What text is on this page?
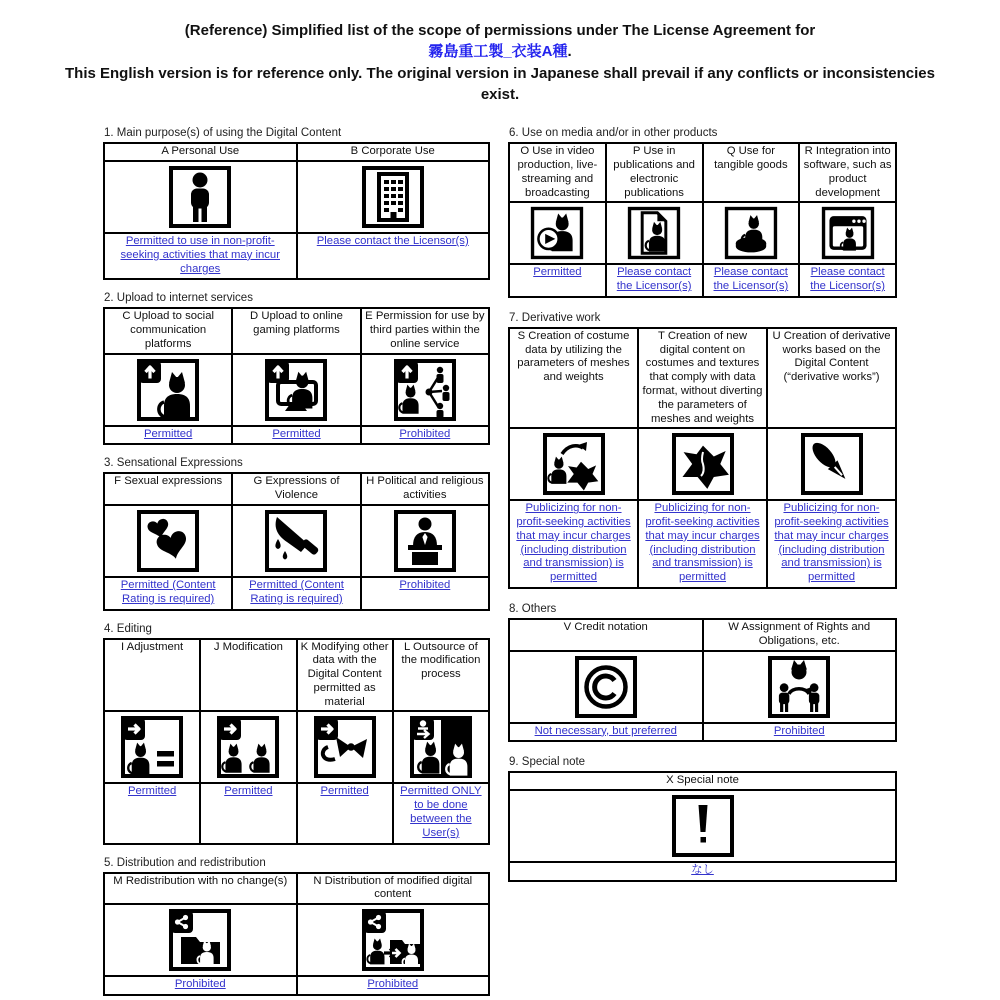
(Reference) Simplified list of the scope of permissions under The License Agreement for
霧島重工製_衣装A種.
This English version is for reference only. The original version in Japanese shall prevail if any conflicts or inconsistencies exist.
1. Main purpose(s) of using the Digital Content
A Personal Use	B Corporate Use

Permitted to use in non-profit-seeking activities that may incur charges	Please contact the Licensor(s)
2. Upload to internet services
C Upload to social communication platforms	D Upload to online gaming platforms	E Permission for use by third parties within the online service

Permitted	Permitted	Prohibited
3. Sensational Expressions
F Sexual expressions	G Expressions of Violence	H Political and religious activities

Permitted (Content Rating is required)	Permitted (Content Rating is required)	Prohibited
4. Editing
I Adjustment	J Modification	K Modifying other data with the Digital Content permitted as material	L Outsource of the modification process

Permitted	Permitted	Permitted	Permitted ONLY to be done between the User(s)
5. Distribution and redistribution
M Redistribution with no change(s)	N Distribution of modified digital content

Prohibited	Prohibited
6. Use on media and/or in other products
O Use in video production, live-streaming and broadcasting	P Use in publications and electronic publications	Q Use for tangible goods	R Integration into software, such as product development

Permitted	Please contact the Licensor(s)	Please contact the Licensor(s)	Please contact the Licensor(s)
7. Derivative work
S Creation of costume data by utilizing the parameters of meshes and weights	T Creation of new digital content on costumes and textures that comply with data format, without diverting the parameters of meshes and weights	U Creation of derivative works based on the Digital Content (“derivative works”)

Publicizing for non-profit-seeking activities that may incur charges (including distribution and transmission) is permitted	Publicizing for non-profit-seeking activities that may incur charges (including distribution and transmission) is permitted	Publicizing for non-profit-seeking activities that may incur charges (including distribution and transmission) is permitted
8. Others
V Credit notation	W Assignment of Rights and Obligations, etc.

Not necessary, but preferred	Prohibited
9. Special note
X Special note

なし
